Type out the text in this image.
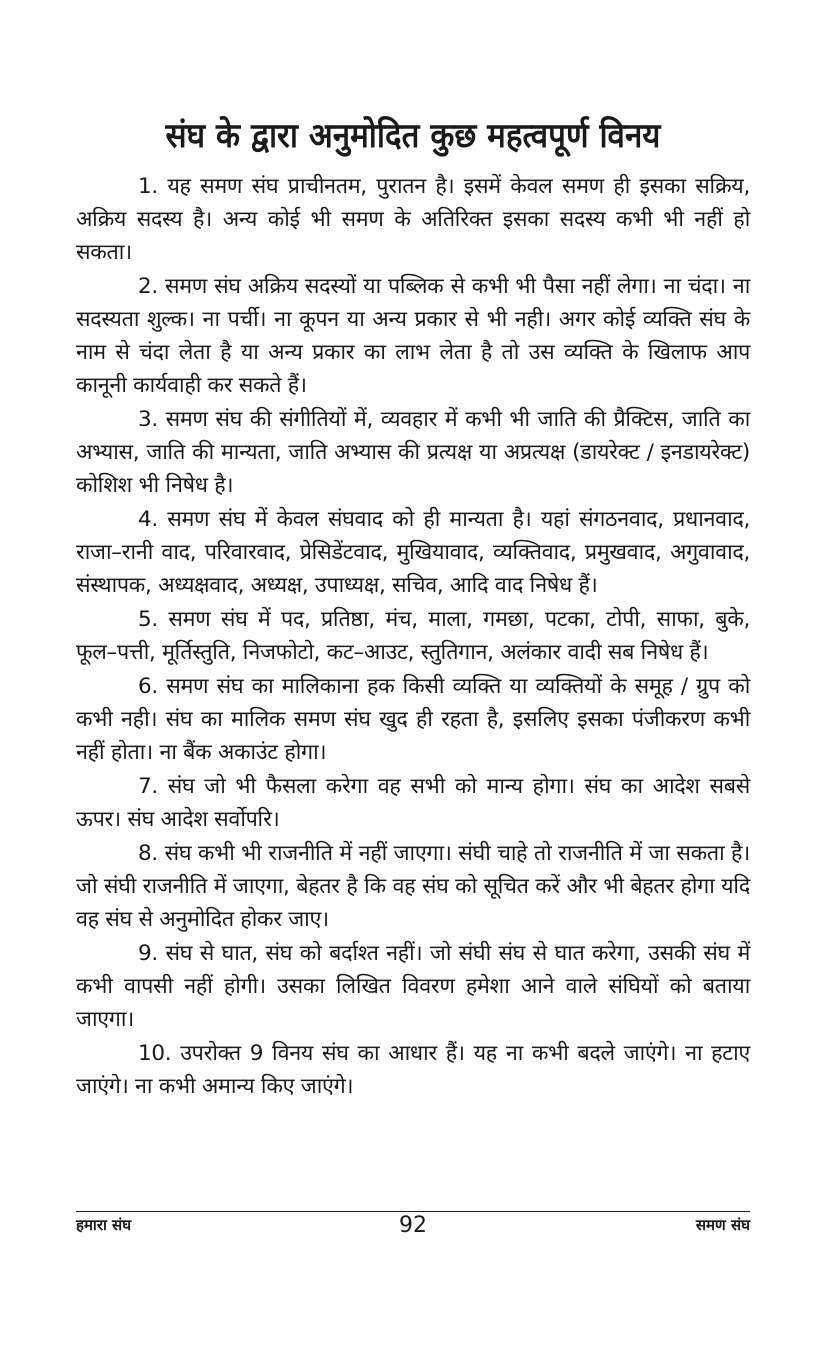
संघ के द्वारा अनुमोदित कुछ महत्वपूर्ण विनय

1. यह समण संघ प्राचीनतम, पुरातन है। इसमें केवल समण ही इसका सक्रिय, अक्रिय सदस्य है। अन्य कोई भी समण के अतिरिक्त इसका सदस्य कभी भी नहीं हो सकता।

2. समण संघ अक्रिय सदस्यों या पब्लिक से कभी भी पैसा नहीं लेगा। ना चंदा। ना सदस्यता शुल्क। ना पर्ची। ना कूपन या अन्य प्रकार से भी नही। अगर कोई व्यक्ति संघ के नाम से चंदा लेता है या अन्य प्रकार का लाभ लेता है तो उस व्यक्ति के खिलाफ आप कानूनी कार्यवाही कर सकते हैं।

3. समण संघ की संगीतियों में, व्यवहार में कभी भी जाति की प्रैक्टिस, जाति का अभ्यास, जाति की मान्यता, जाति अभ्यास की प्रत्यक्ष या अप्रत्यक्ष (डायरेक्ट / इनडायरेक्ट) कोशिश भी निषेध है।

4. समण संघ में केवल संघवाद को ही मान्यता है। यहां संगठनवाद, प्रधानवाद, राजा–रानी वाद, परिवारवाद, प्रेसिडेंटवाद, मुखियावाद, व्यक्तिवाद, प्रमुखवाद, अगुवावाद, संस्थापक, अध्यक्षवाद, अध्यक्ष, उपाध्यक्ष, सचिव, आदि वाद निषेध हैं।

5. समण संघ में पद, प्रतिष्ठा, मंच, माला, गमछा, पटका, टोपी, साफा, बुके, फूल–पत्ती, मूर्तिस्तुति, निजफोटो, कट–आउट, स्तुतिगान, अलंकार वादी सब निषेध हैं।

6. समण संघ का मालिकाना हक किसी व्यक्ति या व्यक्तियों के समूह / ग्रुप को कभी नही। संघ का मालिक समण संघ खुद ही रहता है, इसलिए इसका पंजीकरण कभी नहीं होता। ना बैंक अकाउंट होगा।

7. संघ जो भी फैसला करेगा वह सभी को मान्य होगा। संघ का आदेश सबसे ऊपर। संघ आदेश सर्वोपरि।

8. संघ कभी भी राजनीति में नहीं जाएगा। संघी चाहे तो राजनीति में जा सकता है। जो संघी राजनीति में जाएगा, बेहतर है कि वह संघ को सूचित करें और भी बेहतर होगा यदि वह संघ से अनुमोदित होकर जाए।

9. संघ से घात, संघ को बर्दाश्त नहीं। जो संघी संघ से घात करेगा, उसकी संघ में कभी वापसी नहीं होगी। उसका लिखित विवरण हमेशा आने वाले संघियों को बताया जाएगा।

10. उपरोक्त 9 विनय संघ का आधार हैं। यह ना कभी बदले जाएंगे। ना हटाए जाएंगे। ना कभी अमान्य किए जाएंगे।

हमारा संघ	92	समण संघ
